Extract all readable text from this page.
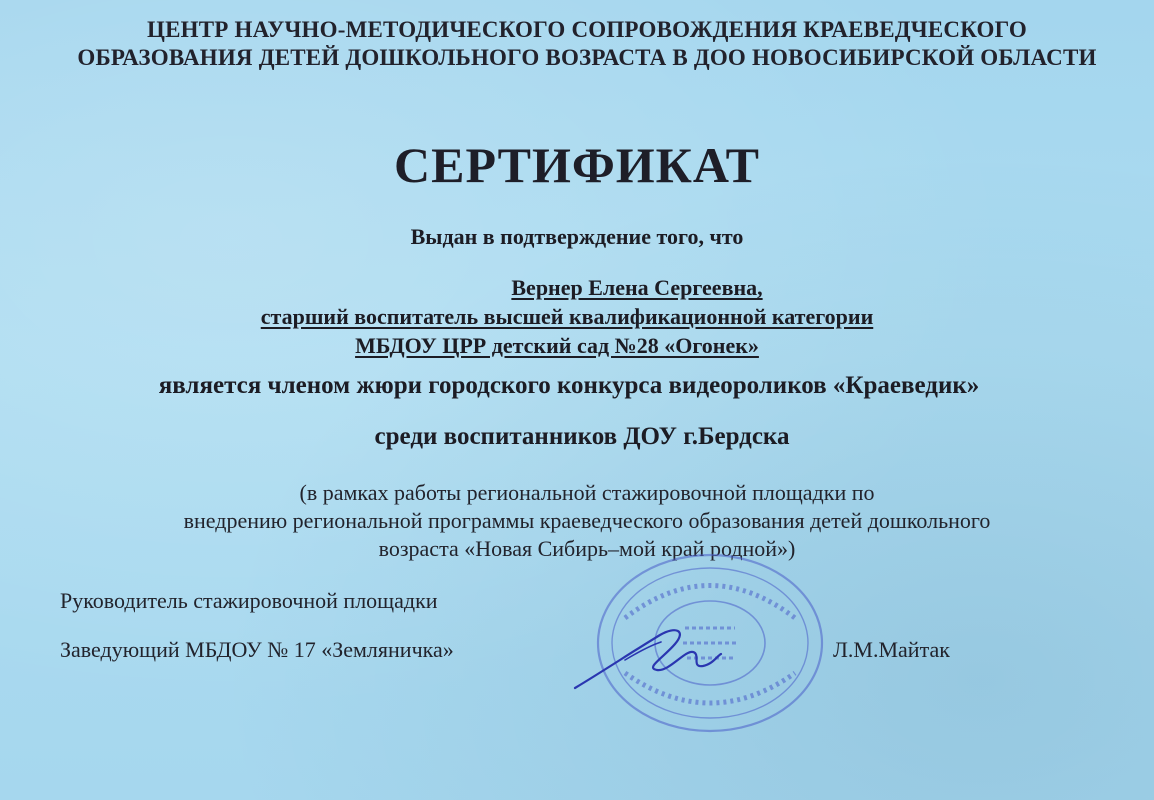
ЦЕНТР НАУЧНО-МЕТОДИЧЕСКОГО СОПРОВОЖДЕНИЯ КРАЕВЕДЧЕСКОГО
ОБРАЗОВАНИЯ ДЕТЕЙ ДОШКОЛЬНОГО ВОЗРАСТА В ДОО НОВОСИБИРСКОЙ ОБЛАСТИ
СЕРТИФИКАТ
Выдан в подтверждение того, что
Вернер Елена Сергеевна,
старший воспитатель высшей квалификационной категории
МБДОУ ЦРР детский сад №28 «Огонек»
является членом жюри городского конкурса видеороликов «Краеведик»
среди воспитанников ДОУ г.Бердска
(в рамках работы региональной стажировочной площадки по
внедрению региональной программы краеведческого образования детей дошкольного
возраста «Новая Сибирь–мой край родной»)
Руководитель стажировочной площадки
Заведующий МБДОУ № 17 «Земляничка»	Л.М.Майтак
